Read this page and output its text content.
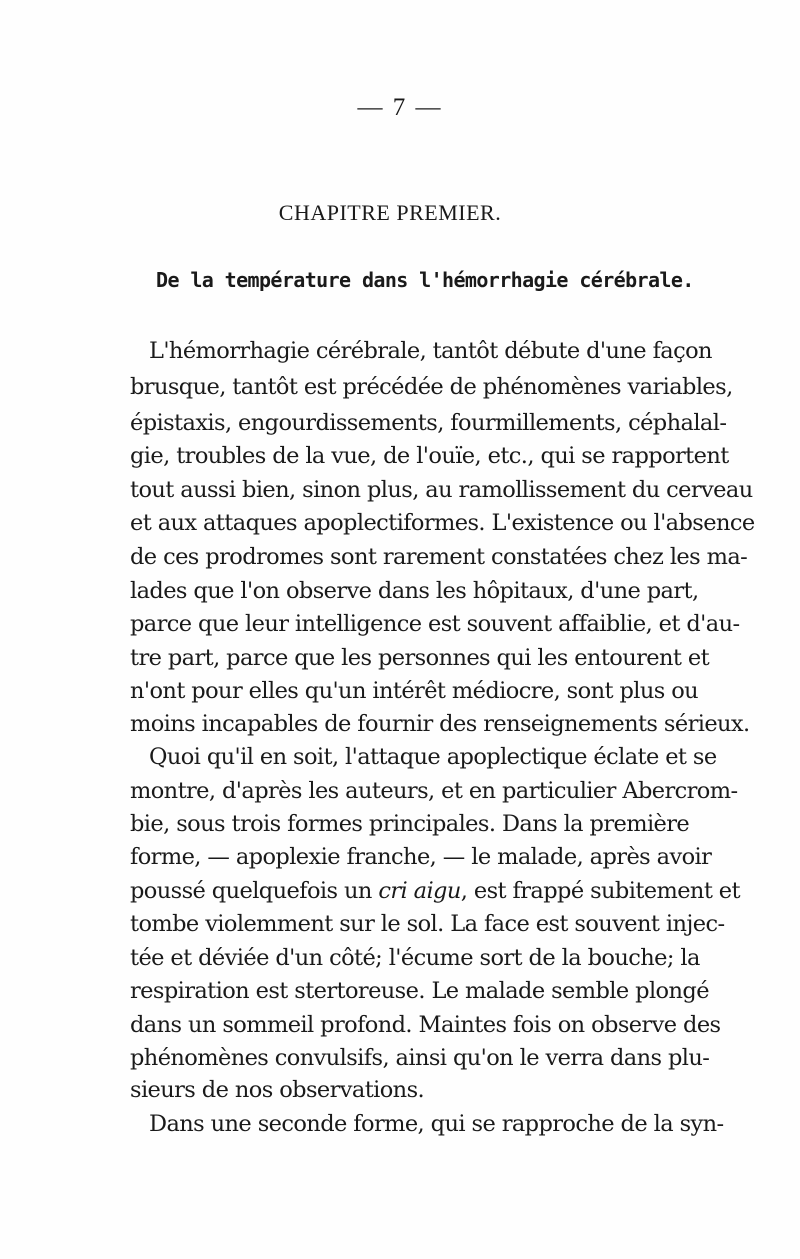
— 7 —
CHAPITRE PREMIER.
De la température dans l'hémorrhagie cérébrale.
L'hémorrhagie cérébrale, tantôt débute d'une façon
brusque, tantôt est précédée de phénomènes variables,
épistaxis, engourdissements, fourmillements, céphalal-
gie, troubles de la vue, de l'ouïe, etc., qui se rapportent
tout aussi bien, sinon plus, au ramollissement du cerveau
et aux attaques apoplectiformes. L'existence ou l'absence
de ces prodromes sont rarement constatées chez les ma-
lades que l'on observe dans les hôpitaux, d'une part,
parce que leur intelligence est souvent affaiblie, et d'au-
tre part, parce que les personnes qui les entourent et
n'ont pour elles qu'un intérêt médiocre, sont plus ou
moins incapables de fournir des renseignements sérieux.
Quoi qu'il en soit, l'attaque apoplectique éclate et se
montre, d'après les auteurs, et en particulier Abercrom-
bie, sous trois formes principales. Dans la première
forme, — apoplexie franche, — le malade, après avoir
poussé quelquefois un cri aigu, est frappé subitement et
tombe violemment sur le sol. La face est souvent injec-
tée et déviée d'un côté; l'écume sort de la bouche; la
respiration est stertoreuse. Le malade semble plongé
dans un sommeil profond. Maintes fois on observe des
phénomènes convulsifs, ainsi qu'on le verra dans plu-
sieurs de nos observations.
Dans une seconde forme, qui se rapproche de la syn-
